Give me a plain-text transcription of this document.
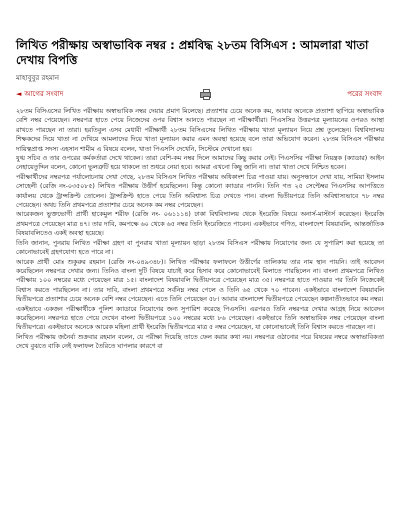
লিখিত পরীক্ষায় অস্বাভাবিক নম্বর : প্রশ্নবিদ্ধ ২৮তম বিসিএস : আমলারা খাতা দেখায় বিপত্তি
মাহাবুবুর রহমান
◄ আগের সংবাদ	পরের সংবাদ

২৮তম বিসিএসের লিখিত পরীক্ষায় অস্বাভাবিক নম্বর দেয়ার প্রমাণ মিলেছে। প্রত্যাশার চেয়ে অনেক কম, আবার অনেকে প্রত্যাশা ছাপিয়ে অস্বাভাবিক বেশি নম্বর পেয়েছেন। নম্বরপত্র হাতে পেয়ে নিজেদের ওপর বিশ্বাস আনতে পারছেন না পরীক্ষার্থীরা। পিএসসির উত্তরপত্র মূল্যায়নের ওপরও আস্থা রাখতে পারছেন না তারা। হরতিবুল এসব মেধাবী পরীক্ষার্থী ২৮তম বিসিএসের লিখিত পরীক্ষায় খাতা মূল্যায়ন নিয়ে প্রশ্ন তুলেছেন। বিশ্ববিদ্যালয় শিক্ষকদের দিয়ে খাতা না দেখিয়ে আমলাদের দিয়ে খাতা মূল্যায়ন করার এমন অবস্থা হয়েছে বলে তারা অভিযোগ করেন। ২৮তম বিসিএস পরীক্ষার দায়িত্বপ্রাপ্ত সদস্য এহসান শামীম এ বিষয়ে বলেন, খাতা পিএসসি দেখেনি, সিস্টেমে দেখানো হয়।

যুগ্ম সচিব ও তার ওপরের কর্মকর্তারা দেখে থাকেন। তারা বেশি-কম নম্বর দিলে আমাদের কিছু করার নেই। পিএসসির পরীক্ষা নিয়ন্ত্রক (ক্যাডার) আইন নেহায়েতুদ্দিন বলেন, কোনো ভুলত্রুটি হয়ে থাকলে তা শুধরে নেয়া হবে। আমরা এখনো কিছু জানি না। তারা খাতা দেখে নিশ্চিত হবেন।

পরীক্ষার্থীদের নম্বরপত্র পর্যালোচনায় দেখা গেছে, ২৮তম বিসিএস লিখিত পরীক্ষায় অধিকাংশ চিত্র পাওয়া যায়। অনুসন্ধানে দেখা যায়, সামিয়া ইসলাম সোহেলী (রেজি নং-০৩৫০৮৫) লিখিত পরীক্ষায় উত্তীর্ণ হয়েছিলেন। কিন্তু কোনো ক্যাডার পাননি। তিনি গত ২৫ সেপ্টেম্বর পিএসসির আপত্তিতে কার্যালয় থেকে ট্রান্সক্রিপ্ট তোলেন। ট্রান্সক্রিপ্ট হাতে পেয়ে তিনি অবিশ্বাস্য চিত্র দেখতে পান। বাংলা দ্বিতীয়পত্রে তিনি অবিশ্বাস্যভাবে ৭৮ নম্বর পেয়েছেন। অথচ তিনি প্রথমপত্রে প্রত্যাশার চেয়ে অনেক কম নম্বর পেয়েছেন।

আরেকজন ভুক্তভোগী প্রার্থী হাকেমুল শরীফ (রেজি নং- ০৬১১১৪) ঢাকা বিশ্ববিদ্যালয় থেকে ইংরেজি বিষয়ে অনার্স-মাস্টার্স করেছেন। ইংরেজি প্রথমপত্রে পেয়েছেন মাত্র ৪৭। তার দাবি, কমপক্ষে ৬০ থেকে ৬৫ নম্বর তিনি ইংরেজিতে পাবেন। একইভাবে গণিত, বাংলাদেশ বিষয়াবলি, আন্তর্জাতিক বিষয়াবলিতেও একই অবস্থা হয়েছে।

তিনি জানান, পুনরায় লিখিত পরীক্ষা গ্রহণ বা পুনরায় খাতা মূল্যায়ন ছাড়া ২৮তম বিসিএস পরীক্ষায় নিয়োগের জন্য যে সুপারিশ করা হয়েছে তা কোনোভাবেই গ্রহণযোগ্য হতে পারে না।

আরেক প্রার্থী মোঃ শুকুরুর রহমান (রেজি নং-০৪৯৩৪৮)। লিখিত পরীক্ষার ফলাফলে উত্তীর্ণের তালিকায় তার নাম স্থান পায়নি। তাই আবেদন করেছিলেন নম্বরপত্র দেখার জন্য। তিনিও বাংলা দুটি বিষয়ে যাচাই করে হিসাব করে কোনোভাবেই মিলাতে পারছিলেন না। বাংলা প্রথমপত্রে লিখিত পরীক্ষায় ১০০ নম্বরের মধ্যে পেয়েছেন মাত্র ১৫। বাংলাদেশ বিষয়াবলি দ্বিতীয়পত্রে পেয়েছেন মাত্র ৩৫। নম্বরপত্র হাতে পাওয়ার পর তিনি নিজেকেই বিশ্বাস করতে পারছিলেন না। তার দাবি, বাংলা প্রথমপত্রে সর্বনিম্ন নম্বর পেলে ও তিনি ৬৫ থেকে ৭০ পাবেন। একইভাবে বাংলাদেশ বিষয়াবলি দ্বিতীয়পত্রে প্রত্যাশার চেয়ে অনেক বেশি নম্বর পেয়েছেন। এতে তিনি পেয়েছেন ৫৮। আবার বাংলাদেশ দ্বিতীয়পত্রে পেয়েছেন কল্পনাতীতভাবে কম নম্বর।

একইভাবে একজন পরীক্ষার্থীকে পুলিশ ক্যাডারে নিয়োগের জন্য সুপারিশ করেছে পিএসসি। এরপরও তিনি নম্বরপত্র দেখার আগ্রহ নিয়ে আবেদন করেছিলেন। নম্বরপত্র হাতে পেয়ে দেখেন বাংলা দ্বিতীয়পত্রে ১০০ নম্বরের মধ্যে ৮৬ পেয়েছেন। একইভাবে তিনি অস্বাভাবিক নম্বর পেয়েছেন বাংলা দ্বিতীয়পত্রে। একইভাবে অনেকে আরেক মহিলা প্রার্থী ইংরেজি দ্বিতীয়পত্রে মাত্র ৫ নম্বর পেয়েছেন, যা কোনোভাবেই তিনি বিশ্বাস করতে পারছেন না।

লিখিত পরীক্ষায় জনৈর্ব্য শুক্রবার রহমান বলেন, যে পরীক্ষা দিয়েছি তাতে ফেল করার কথা নয়। নম্বরপত্র ওঠানোর পরে বিষয়ের নম্বরে অস্বাভাবিকতা দেখে বুঝতে বাকি নেই ফলাফল তৈরিতে ঘাপলার কারণে বা
